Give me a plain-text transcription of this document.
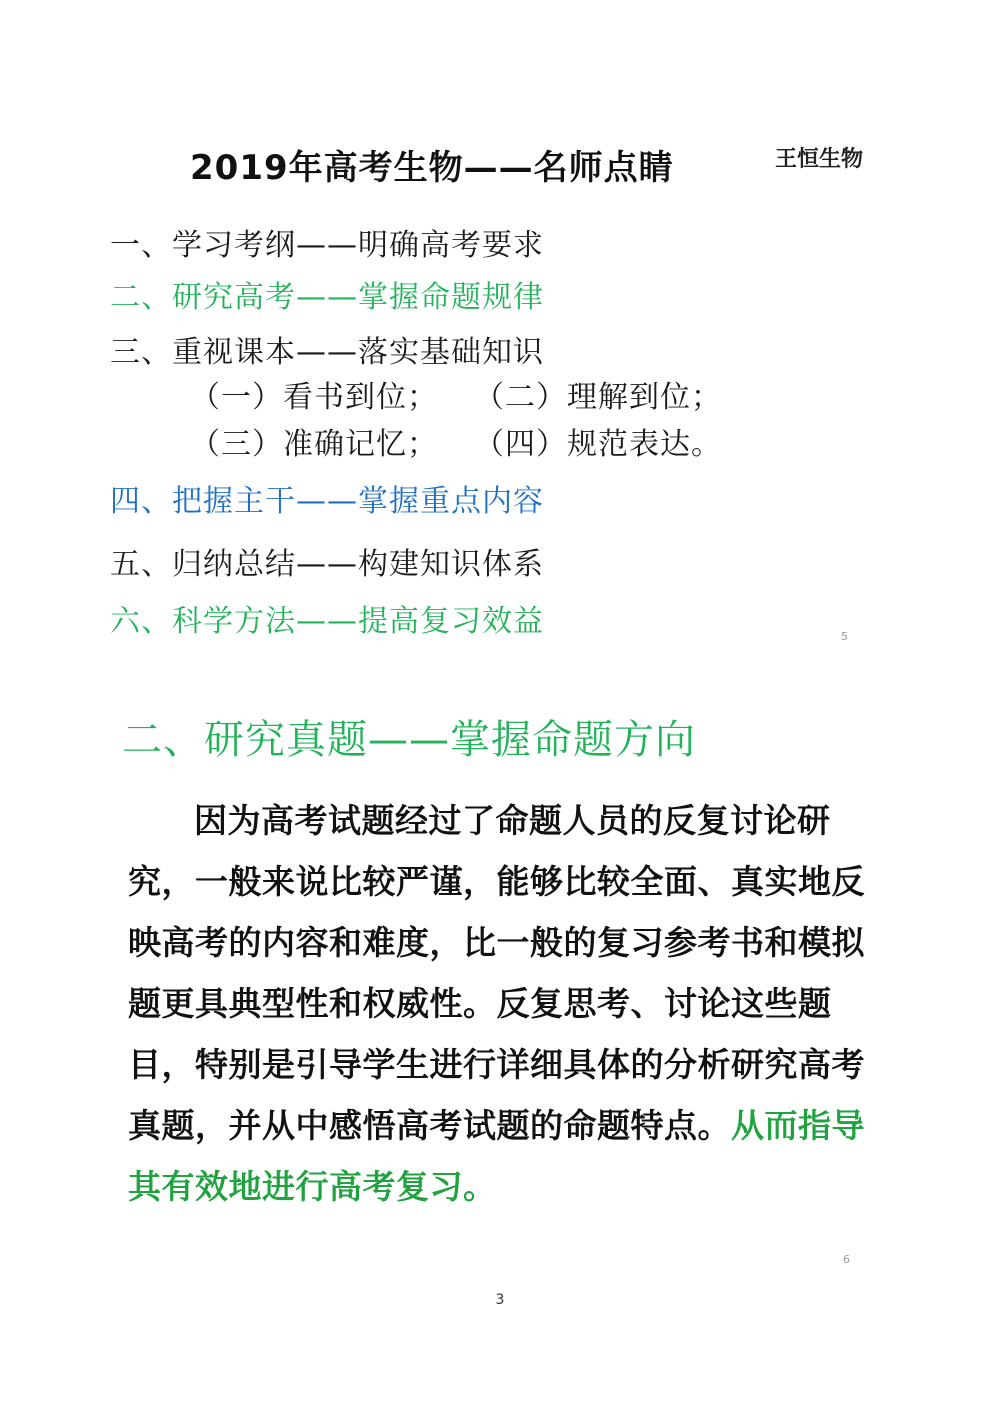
2019年高考生物——名师点睛	王恒生物
一、学习考纲——明确高考要求
二、研究高考——掌握命题规律
三、重视课本——落实基础知识
（一）看书到位； （二）理解到位；
（三）准确记忆； （四）规范表达。
四、把握主干——掌握重点内容
五、归纳总结——构建知识体系
六、科学方法——提高复习效益	5
二、研究真题——掌握命题方向

因为高考试题经过了命题人员的反复讨论研究，一般来说比较严谨，能够比较全面、真实地反映高考的内容和难度，比一般的复习参考书和模拟题更具典型性和权威性。反复思考、讨论这些题目，特别是引导学生进行详细具体的分析研究高考真题，并从中感悟高考试题的命题特点。从而指导其有效地进行高考复习。

6
3
